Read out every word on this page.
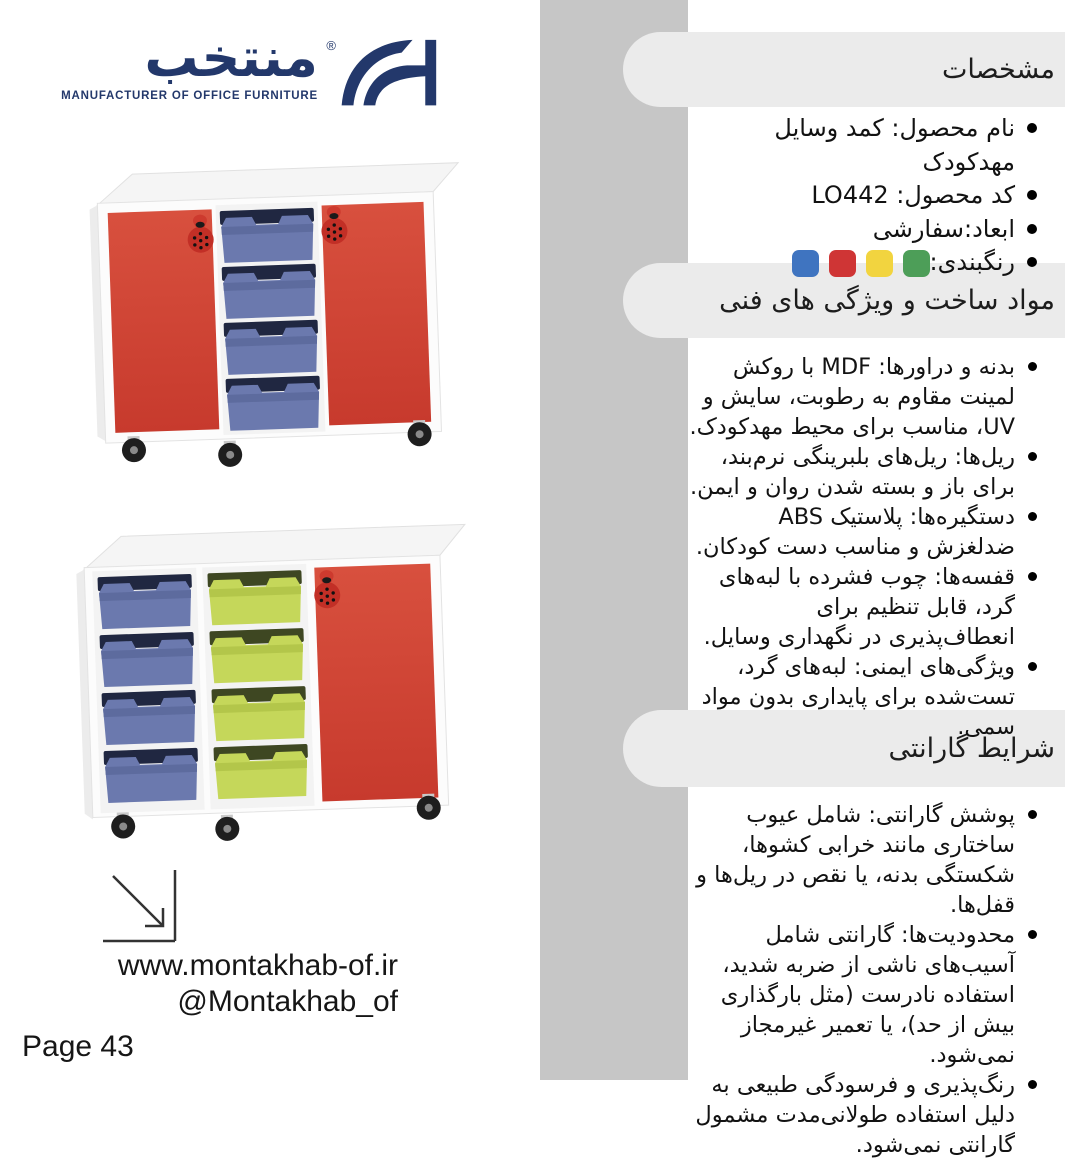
مشخصات
مواد ساخت و ویژگی های فنی
شرایط گارانتی
نام محصول: کمد وسایل مهدکودک
کد محصول: LO442
ابعاد:سفارشی
رنگبندی:
بدنه و دراورها: MDF با روکش لمینت مقاوم به رطوبت، سایش و UV، مناسب برای محیط مهدکودک.
ریل‌ها: ریل‌های بلبرینگی نرم‌بند، برای باز و بسته شدن روان و ایمن.
دستگیره‌ها: پلاستیک ABS ضدلغزش و مناسب دست کودکان.
قفسه‌ها: چوب فشرده با لبه‌های گرد، قابل تنظیم برای انعطاف‌پذیری در نگهداری وسایل.
ویژگی‌های ایمنی: لبه‌های گرد، تست‌شده برای پایداری بدون مواد سمی.
پوشش گارانتی: شامل عیوب ساختاری مانند خرابی کشوها، شکستگی بدنه، یا نقص در ریل‌ها و قفل‌ها.
محدودیت‌ها: گارانتی شامل آسیب‌های ناشی از ضربه شدید، استفاده نادرست (مثل بارگذاری بیش از حد)، یا تعمیر غیرمجاز نمی‌شود.
رنگ‌پذیری و فرسودگی طبیعی به دلیل استفاده طولانی‌مدت مشمول گارانتی نمی‌شود.
منتخب
MANUFACTURER OF OFFICE FURNITURE
®
www.montakhab-of.ir
@Montakhab_of
Page 43
